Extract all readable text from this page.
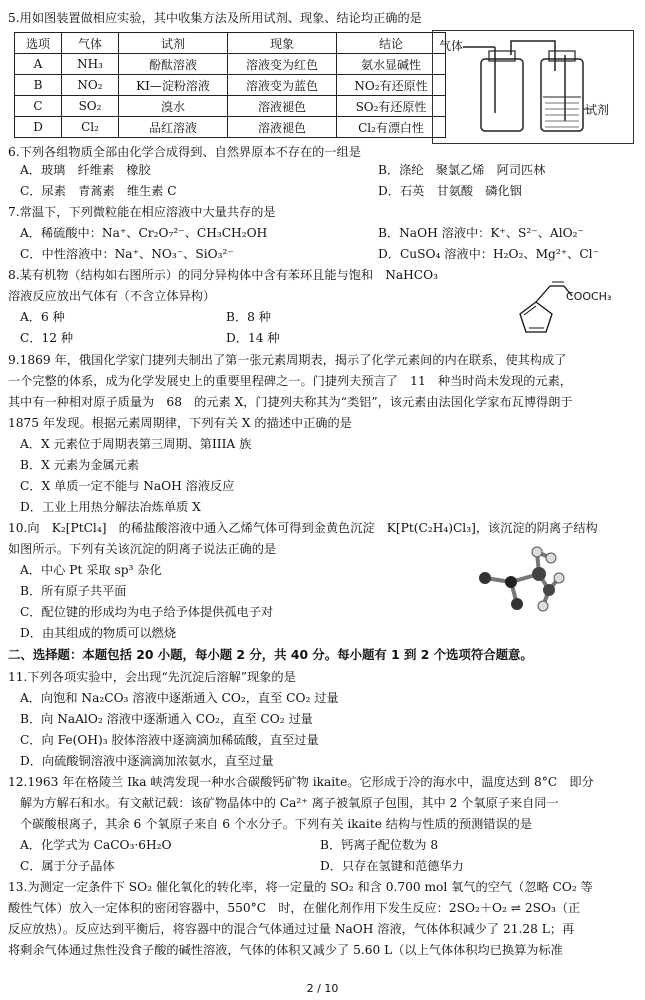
5.用如图装置做相应实验，其中收集方法及所用试剂、现象、结论均正确的是
选项	气体	试剂	现象	结论
A	NH₃	酚酞溶液	溶液变为红色	氨水显碱性
B	NO₂	KI—淀粉溶液	溶液变为蓝色	NO₂有还原性
C	SO₂	溴水	溶液褪色	SO₂有还原性
D	Cl₂	品红溶液	溶液褪色	Cl₂有漂白性
气体
试剂
6.下列各组物质全部由化学合成得到、自然界原本不存在的一组是
A．玻璃　纤维素　橡胶	B．涤纶　聚氯乙烯　阿司匹林
C．尿素　青蒿素　维生素 C	D．石英　甘氨酸　磷化铟
7.常温下，下列微粒能在相应溶液中大量共存的是
A．稀硫酸中：Na⁺、Cr₂O₇²⁻、CH₃CH₂OH	B．NaOH 溶液中：K⁺、S²⁻、AlO₂⁻
C．中性溶液中：Na⁺、NO₃⁻、SiO₃²⁻	D．CuSO₄ 溶液中：H₂O₂、Mg²⁺、Cl⁻
8.某有机物（结构如右图所示）的同分异构体中含有苯环且能与饱和　NaHCO₃
溶液反应放出气体有（不含立体异构）
A．6 种	B．8 种
C．12 种	D．14 种
COOCH₃
9.1869 年，俄国化学家门捷列夫制出了第一张元素周期表，揭示了化学元素间的内在联系，使其构成了
一个完整的体系，成为化学发展史上的重要里程碑之一。门捷列夫预言了　11　种当时尚未发现的元素，
其中有一种相对原子质量为　68　的元素 X，门捷列夫称其为“类铝”，该元素由法国化学家布瓦博得朗于
1875 年发现。根据元素周期律，下列有关 X 的描述中正确的是
A．X 元素位于周期表第三周期、第IIIA 族
B．X 元素为金属元素
C．X 单质一定不能与 NaOH 溶液反应
D．工业上用热分解法冶炼单质 X
10.向　K₂[PtCl₄]　的稀盐酸溶液中通入乙烯气体可得到金黄色沉淀　K[Pt(C₂H₄)Cl₃]，该沉淀的阴离子结构
如图所示。下列有关该沉淀的阴离子说法正确的是
A．中心 Pt 采取 sp³ 杂化
B．所有原子共平面
C．配位键的形成均为电子给予体提供孤电子对
D．由其组成的物质可以燃烧
二、选择题：本题包括 20 小题，每小题 2 分，共 40 分。每小题有 1 到 2 个选项符合题意。
11.下列各项实验中，会出现“先沉淀后溶解”现象的是
A．向饱和 Na₂CO₃ 溶液中逐渐通入 CO₂，直至 CO₂ 过量
B．向 NaAlO₂ 溶液中逐渐通入 CO₂，直至 CO₂ 过量
C．向 Fe(OH)₃ 胶体溶液中逐滴滴加稀硫酸，直至过量
D．向硫酸铜溶液中逐滴滴加浓氨水，直至过量
12.1963 年在格陵兰 Ika 峡湾发现一种水合碳酸钙矿物 ikaite。它形成于冷的海水中，温度达到 8°C　即分
解为方解石和水。有文献记载：该矿物晶体中的 Ca²⁺ 离子被氧原子包围，其中 2 个氧原子来自同一
个碳酸根离子，其余 6 个氧原子来自 6 个水分子。下列有关 ikaite 结构与性质的预测错误的是
A．化学式为 CaCO₃·6H₂O	B．钙离子配位数为 8
C．属于分子晶体	D．只存在氢键和范德华力
13.为测定一定条件下 SO₂ 催化氧化的转化率，将一定量的 SO₂ 和含 0.700 mol 氧气的空气（忽略 CO₂ 等
酸性气体）放入一定体积的密闭容器中，550°C　时，在催化剂作用下发生反应：2SO₂＋O₂ ⇌ 2SO₃（正
反应放热）。反应达到平衡后，将容器中的混合气体通过过量 NaOH 溶液，气体体积减少了 21.28 L；再
将剩余气体通过焦性没食子酸的碱性溶液，气体的体积又减少了 5.60 L（以上气体体积均已换算为标准
2 / 10
